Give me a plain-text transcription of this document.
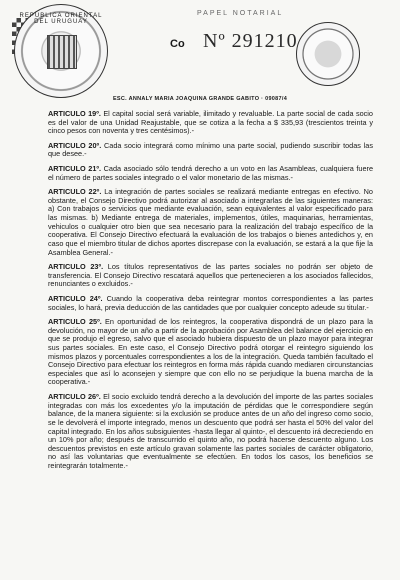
REPUBLICA ORIENTAL DEL URUGUAY
PAPEL NOTARIAL
Co Nº 291210
ESC. ANNALY MARIA JOAQUINA GRANDE GABITO · 09087/4

ARTICULO 19º. El capital social será variable, ilimitado y revaluable. La parte social de cada socio es del valor de una Unidad Reajustable, que se cotiza a la fecha a $ 335,93 (trescientos treinta y cinco pesos con noventa y tres centésimos).-

ARTICULO 20º. Cada socio integrará como mínimo una parte social, pudiendo suscribir todas las que desee.-

ARTICULO 21º. Cada asociado sólo tendrá derecho a un voto en las Asambleas, cualquiera fuere el número de partes sociales integrado o el valor monetario de las mismas.-

ARTICULO 22º. La integración de partes sociales se realizará mediante entregas en efectivo. No obstante, el Consejo Directivo podrá autorizar al asociado a integrarlas de las siguientes maneras: a) Con trabajos o servicios que mediante evaluación, sean equivalentes al valor especificado para las mismas. b) Mediante entrega de materiales, implementos, útiles, maquinarias, herramientas, vehiculos o cualquier otro bien que sea necesario para la realización del trabajo específico de la cooperativa. El Consejo Directivo efectuará la evaluación de los trabajos o bienes antedichos y, en caso que el miembro titular de dichos aportes discrepase con la evaluación, se estará a la que fije la Asamblea General.-

ARTICULO 23º. Los títulos representativos de las partes sociales no podrán ser objeto de transferencia. El Consejo Directivo rescatará aquellos que pertenecieren a los asociados fallecidos, renunciantes o excluidos.-

ARTICULO 24º. Cuando la cooperativa deba reintegrar montos correspondientes a las partes sociales, lo hará, previa deducción de las cantidades que por cualquier concepto adeude su titular.-

ARTICULO 25º. En oportunidad de los reintegros, la cooperativa dispondrá de un plazo para la devolución, no mayor de un año a partir de la aprobación por Asamblea del balance del ejercicio en que se produjo el egreso, salvo que el asociado hubiera dispuesto de un plazo mayor para integrar sus partes sociales. En este caso, el Consejo Directivo podrá otorgar el reintegro siguiendo los mismos plazos y porcentuales correspondientes a los de la integración. Queda también facultado el Consejo Directivo para efectuar los reintegros en forma más rápida cuando mediaren circunstancias especiales que así lo aconsejen y siempre que con ello no se perjudique la buena marcha de la cooperativa.-

ARTICULO 26º. El socio excluido tendrá derecho a la devolución del importe de las partes sociales integradas con más los excedentes y/o la imputación de pérdidas que le correspondiere según balance, de la manera siguiente: si la exclusión se produce antes de un año del ingreso como socio, se le devolverá el importe integrado, menos un descuento que podrá ser hasta el 50% del valor del capital integrado. En los años subsiguientes -hasta llegar al quinto-, el descuento irá decreciendo en un 10% por año; después de transcurrido el quinto año, no podrá hacerse descuento alguno. Los descuentos previstos en este artículo gravan solamente las partes sociales de carácter obligatorio, no así las voluntarias que eventualmente se efectúen. En todos los casos, los beneficios se reintegrarán totalmente.-
